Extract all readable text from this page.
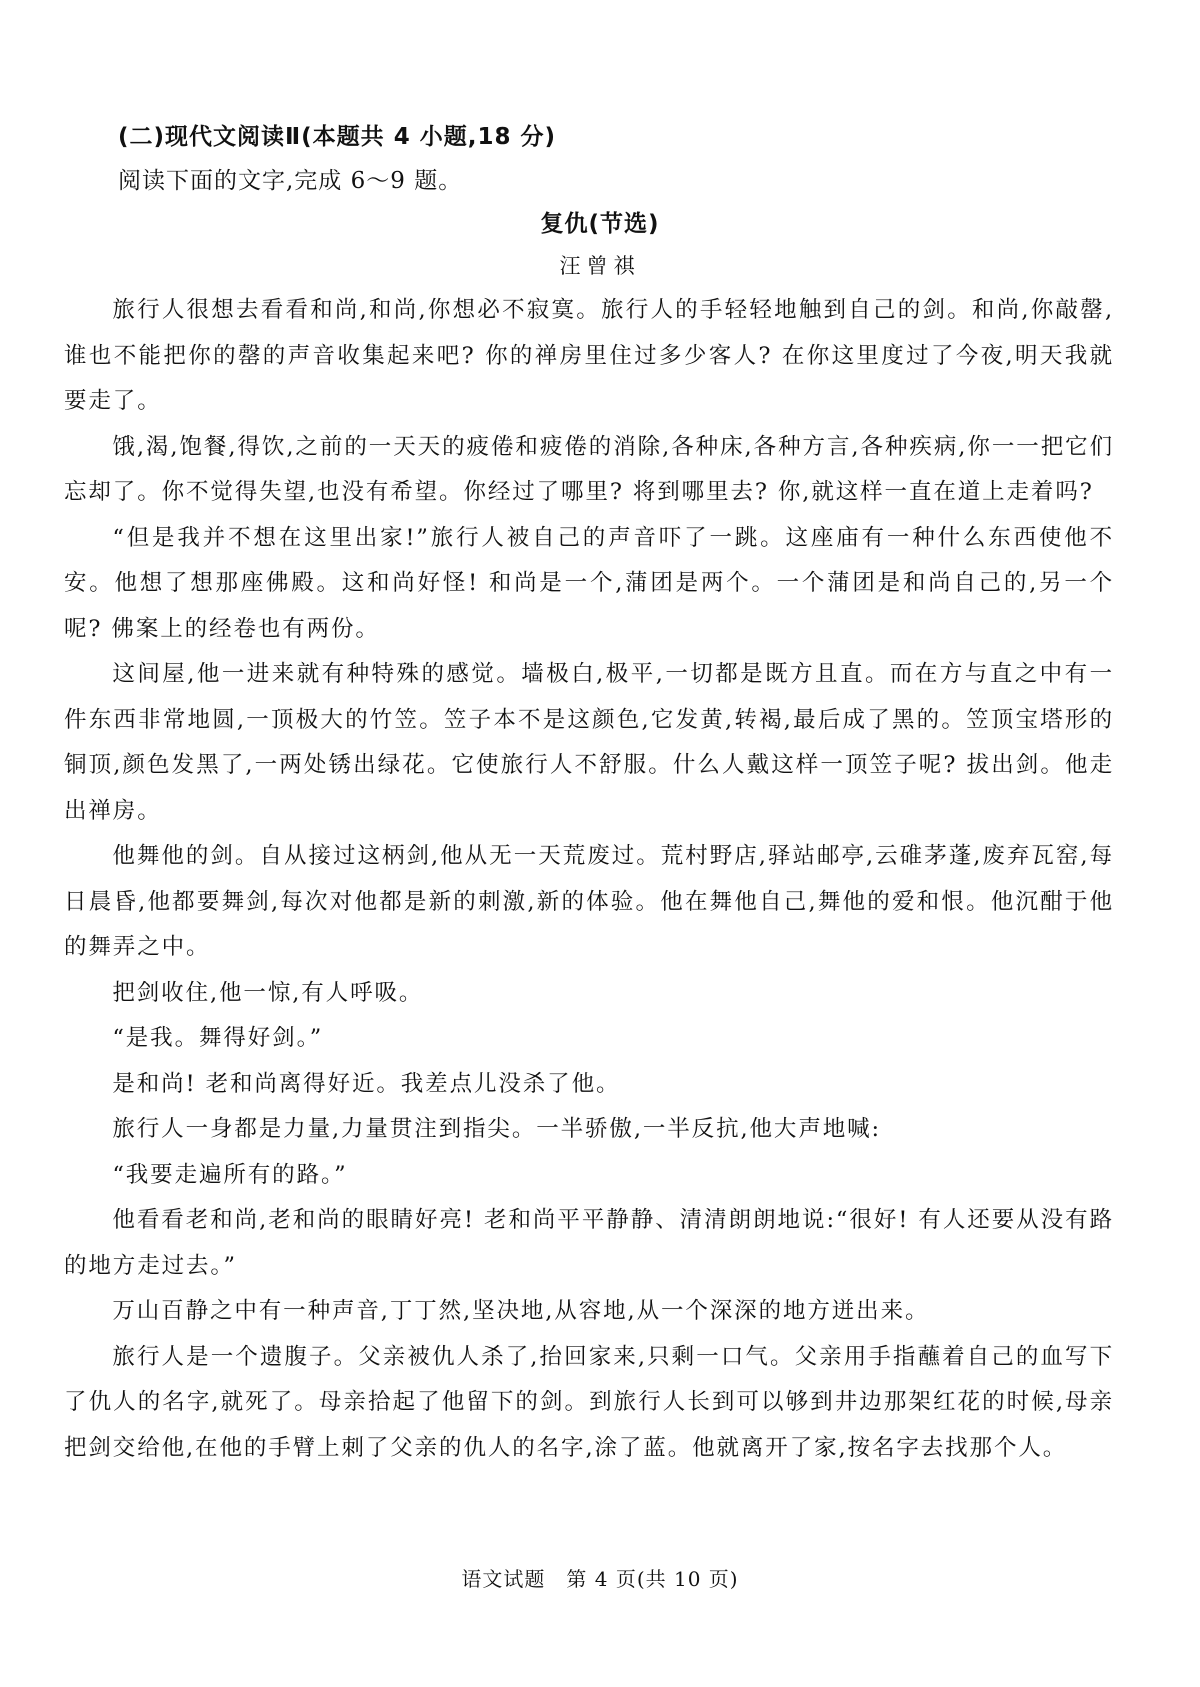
(二)现代文阅读Ⅱ(本题共 4 小题,18 分)
阅读下面的文字,完成 6～9 题。
复仇(节选)
汪曾祺

旅行人很想去看看和尚,和尚,你想必不寂寞。旅行人的手轻轻地触到自己的剑。和尚,你敲罄,谁也不能把你的罄的声音收集起来吧? 你的禅房里住过多少客人? 在你这里度过了今夜,明天我就要走了。

饿,渴,饱餐,得饮,之前的一天天的疲倦和疲倦的消除,各种床,各种方言,各种疾病,你一一把它们忘却了。你不觉得失望,也没有希望。你经过了哪里? 将到哪里去? 你,就这样一直在道上走着吗?

“但是我并不想在这里出家!”旅行人被自己的声音吓了一跳。这座庙有一种什么东西使他不安。他想了想那座佛殿。这和尚好怪! 和尚是一个,蒲团是两个。一个蒲团是和尚自己的,另一个呢? 佛案上的经卷也有两份。

这间屋,他一进来就有种特殊的感觉。墙极白,极平,一切都是既方且直。而在方与直之中有一件东西非常地圆,一顶极大的竹笠。笠子本不是这颜色,它发黄,转褐,最后成了黑的。笠顶宝塔形的铜顶,颜色发黑了,一两处锈出绿花。它使旅行人不舒服。什么人戴这样一顶笠子呢? 拔出剑。他走出禅房。

他舞他的剑。自从接过这柄剑,他从无一天荒废过。荒村野店,驿站邮亭,云碓茅蓬,废弃瓦窑,每日晨昏,他都要舞剑,每次对他都是新的刺激,新的体验。他在舞他自己,舞他的爱和恨。他沉酣于他的舞弄之中。

把剑收住,他一惊,有人呼吸。

“是我。舞得好剑。”

是和尚! 老和尚离得好近。我差点儿没杀了他。

旅行人一身都是力量,力量贯注到指尖。一半骄傲,一半反抗,他大声地喊:

“我要走遍所有的路。”

他看看老和尚,老和尚的眼睛好亮! 老和尚平平静静、清清朗朗地说:“很好! 有人还要从没有路的地方走过去。”

万山百静之中有一种声音,丁丁然,坚决地,从容地,从一个深深的地方迸出来。

旅行人是一个遗腹子。父亲被仇人杀了,抬回家来,只剩一口气。父亲用手指蘸着自己的血写下了仇人的名字,就死了。母亲拾起了他留下的剑。到旅行人长到可以够到井边那架红花的时候,母亲把剑交给他,在他的手臂上刺了父亲的仇人的名字,涂了蓝。他就离开了家,按名字去找那个人。

语文试题　第 4 页(共 10 页)
